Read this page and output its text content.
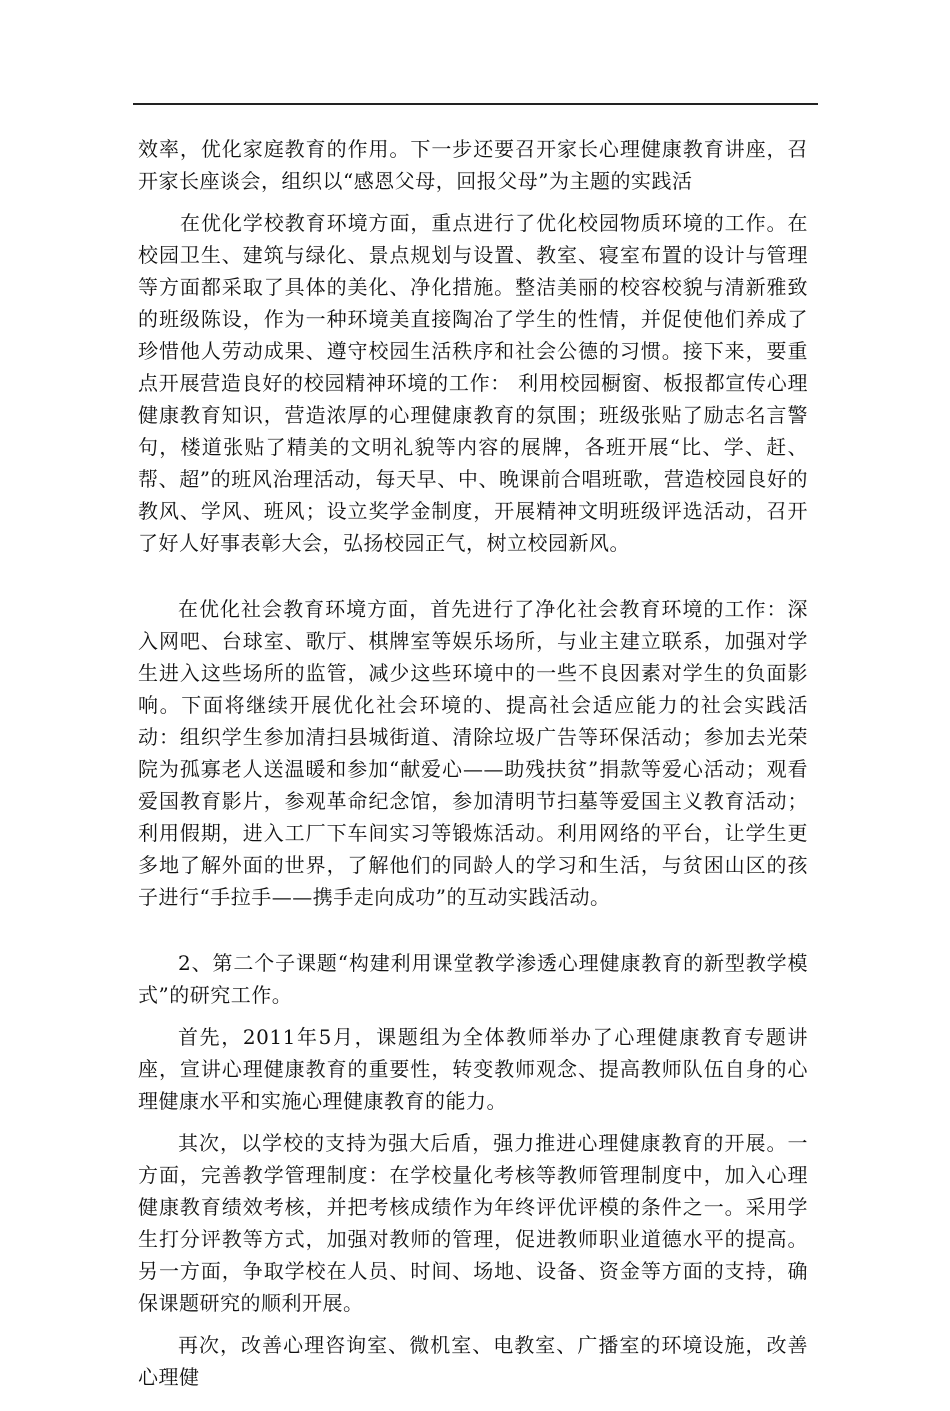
效率，优化家庭教育的作用。下一步还要召开家长心理健康教育讲座，召开家长座谈会，组织以“感恩父母，回报父母”为主题的实践活

在优化学校教育环境方面，重点进行了优化校园物质环境的工作。在校园卫生、建筑与绿化、景点规划与设置、教室、寝室布置的设计与管理等方面都采取了具体的美化、净化措施。整洁美丽的校容校貌与清新雅致的班级陈设，作为一种环境美直接陶冶了学生的性情，并促使他们养成了珍惜他人劳动成果、遵守校园生活秩序和社会公德的习惯。接下来，要重点开展营造良好的校园精神环境的工作： 利用校园橱窗、板报都宣传心理健康教育知识，营造浓厚的心理健康教育的氛围；班级张贴了励志名言警句，楼道张贴了精美的文明礼貌等内容的展牌，各班开展“比、学、赶、帮、超”的班风治理活动，每天早、中、晚课前合唱班歌，营造校园良好的教风、学风、班风；设立奖学金制度，开展精神文明班级评选活动，召开了好人好事表彰大会，弘扬校园正气，树立校园新风。

在优化社会教育环境方面，首先进行了净化社会教育环境的工作：深入网吧、台球室、歌厅、棋牌室等娱乐场所，与业主建立联系，加强对学生进入这些场所的监管，减少这些环境中的一些不良因素对学生的负面影响。下面将继续开展优化社会环境的、提高社会适应能力的社会实践活动：组织学生参加清扫县城街道、清除垃圾广告等环保活动；参加去光荣院为孤寡老人送温暖和参加“献爱心——助残扶贫”捐款等爱心活动；观看爱国教育影片，参观革命纪念馆，参加清明节扫墓等爱国主义教育活动；利用假期，进入工厂下车间实习等锻炼活动。利用网络的平台，让学生更多地了解外面的世界，了解他们的同龄人的学习和生活，与贫困山区的孩子进行“手拉手——携手走向成功”的互动实践活动。

2、第二个子课题“构建利用课堂教学渗透心理健康教育的新型教学模式”的研究工作。

首先，2011年5月，课题组为全体教师举办了心理健康教育专题讲座，宣讲心理健康教育的重要性，转变教师观念、提高教师队伍自身的心理健康水平和实施心理健康教育的能力。

其次，以学校的支持为强大后盾，强力推进心理健康教育的开展。一方面，完善教学管理制度：在学校量化考核等教师管理制度中，加入心理健康教育绩效考核，并把考核成绩作为年终评优评模的条件之一。采用学生打分评教等方式，加强对教师的管理，促进教师职业道德水平的提高。另一方面，争取学校在人员、时间、场地、设备、资金等方面的支持，确保课题研究的顺利开展。

再次，改善心理咨询室、微机室、电教室、广播室的环境设施，改善心理健
